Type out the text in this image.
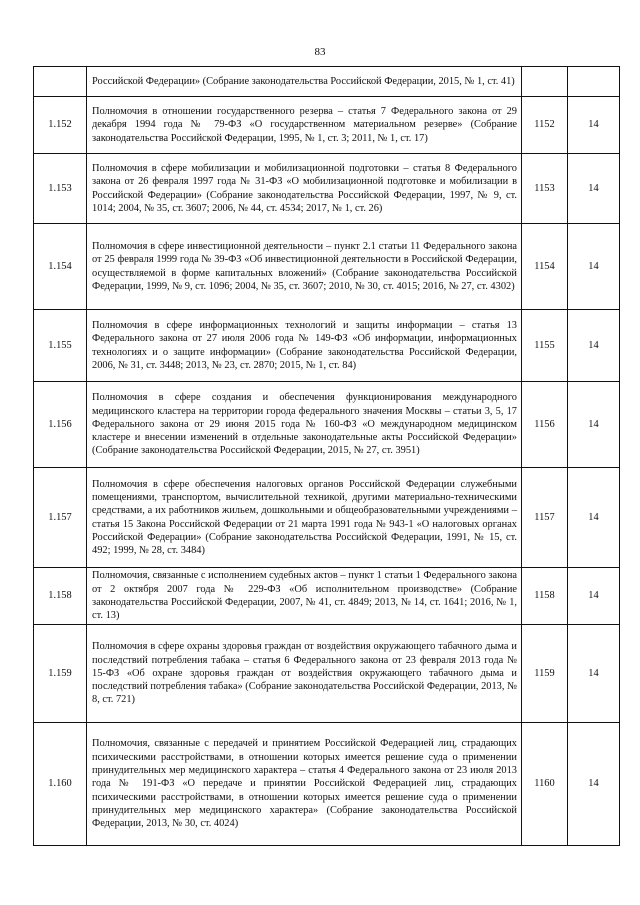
83
	Российской Федерации» (Собрание законодательства Российской Федерации, 2015, № 1, ст. 41)		
1.152	Полномочия в отношении государственного резерва – статья 7 Федерального закона от 29 декабря 1994 года № 79-ФЗ «О государственном материальном резерве» (Собрание законодательства Российской Федерации, 1995, № 1, ст. 3; 2011, № 1, ст. 17)	1152	14
1.153	Полномочия в сфере мобилизации и мобилизационной подготовки – статья 8 Федерального закона от 26 февраля 1997 года № 31-ФЗ «О мобилизационной подготовке и мобилизации в Российской Федерации» (Собрание законодательства Российской Федерации, 1997, № 9, ст. 1014; 2004, № 35, ст. 3607; 2006, № 44, ст. 4534; 2017, № 1, ст. 26)	1153	14
1.154	Полномочия в сфере инвестиционной деятельности – пункт 2.1 статьи 11 Федерального закона от 25 февраля 1999 года № 39-ФЗ «Об инвестиционной деятельности в Российской Федерации, осуществляемой в форме капитальных вложений» (Собрание законодательства Российской Федерации, 1999, № 9, ст. 1096; 2004, № 35, ст. 3607; 2010, № 30, ст. 4015; 2016, № 27, ст. 4302)	1154	14
1.155	Полномочия в сфере информационных технологий и защиты информации – статья 13 Федерального закона от 27 июля 2006 года № 149-ФЗ «Об информации, информационных технологиях и о защите информации» (Собрание законодательства Российской Федерации, 2006, № 31, ст. 3448; 2013, № 23, ст. 2870; 2015, № 1, ст. 84)	1155	14
1.156	Полномочия в сфере создания и обеспечения функционирования международного медицинского кластера на территории города федерального значения Москвы – статьи 3, 5, 17 Федерального закона от 29 июня 2015 года № 160-ФЗ «О международном медицинском кластере и внесении изменений в отдельные законодательные акты Российской Федерации» (Собрание законодательства Российской Федерации, 2015, № 27, ст. 3951)	1156	14
1.157	Полномочия в сфере обеспечения налоговых органов Российской Федерации служебными помещениями, транспортом, вычислительной техникой, другими материально-техническими средствами, а их работников жильем, дошкольными и общеобразовательными учреждениями – статья 15 Закона Российской Федерации от 21 марта 1991 года № 943-1 «О налоговых органах Российской Федерации» (Собрание законодательства Российской Федерации, 1991, № 15, ст. 492; 1999, № 28, ст. 3484)	1157	14
1.158	Полномочия, связанные с исполнением судебных актов – пункт 1 статьи 1 Федерального закона от 2 октября 2007 года № 229-ФЗ «Об исполнительном производстве» (Собрание законодательства Российской Федерации, 2007, № 41, ст. 4849; 2013, № 14, ст. 1641; 2016, № 1, ст. 13)	1158	14
1.159	Полномочия в сфере охраны здоровья граждан от воздействия окружающего табачного дыма и последствий потребления табака – статья 6 Федерального закона от 23 февраля 2013 года № 15-ФЗ «Об охране здоровья граждан от воздействия окружающего табачного дыма и последствий потребления табака» (Собрание законодательства Российской Федерации, 2013, № 8, ст. 721)	1159	14
1.160	Полномочия, связанные с передачей и принятием Российской Федерацией лиц, страдающих психическими расстройствами, в отношении которых имеется решение суда о применении принудительных мер медицинского характера – статья 4 Федерального закона от 23 июля 2013 года № 191-ФЗ «О передаче и принятии Российской Федерацией лиц, страдающих психическими расстройствами, в отношении которых имеется решение суда о применении принудительных мер медицинского характера» (Собрание законодательства Российской Федерации, 2013, № 30, ст. 4024)	1160	14
